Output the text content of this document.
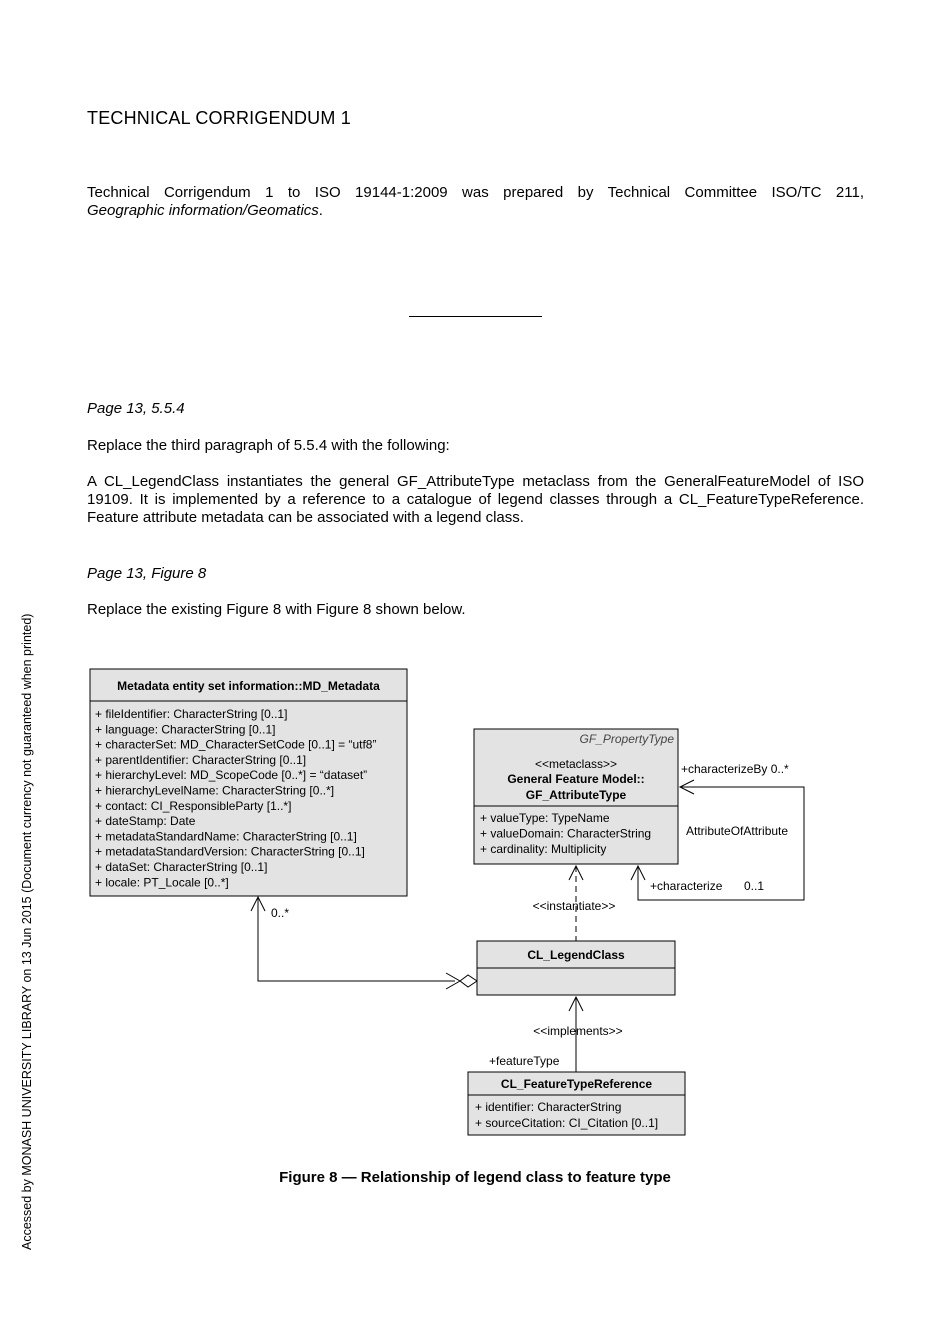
TECHNICAL CORRIGENDUM 1
Technical Corrigendum 1 to ISO 19144-1:2009 was prepared by Technical Committee ISO/TC 211,
Geographic information/Geomatics.
Page 13, 5.5.4
Replace the third paragraph of 5.5.4 with the following:
A CL_LegendClass instantiates the general GF_AttributeType metaclass from the GeneralFeatureModel of ISO 19109. It is implemented by a reference to a catalogue of legend classes through a CL_FeatureTypeReference. Feature attribute metadata can be associated with a legend class.
Page 13, Figure 8
Replace the existing Figure 8 with Figure 8 shown below.
Metadata entity set information::MD_Metadata
+ fileIdentifier: CharacterString [0..1] + language: CharacterString [0..1] + characterSet: MD_CharacterSetCode [0..1] = “utf8” + parentIdentifier: CharacterString [0..1] + hierarchyLevel: MD_ScopeCode [0..*] = “dataset” + hierarchyLevelName: CharacterString [0..*] + contact: CI_ResponsibleParty [1..*] + dateStamp: Date + metadataStandardName: CharacterString [0..1] + metadataStandardVersion: CharacterString [0..1] + dataSet: CharacterString [0..1] + locale: PT_Locale [0..*]
GF_PropertyType
<<metaclass>>
General Feature Model::
GF_AttributeType
+ valueType: TypeName + valueDomain: CharacterString + cardinality: Multiplicity
CL_LegendClass
CL_FeatureTypeReference
+ identifier: CharacterString + sourceCitation: CI_Citation [0..1]
+characterizeBy 0..*
AttributeOfAttribute
+characterize 0..1
<<instantiate>>
0..*
<<implements>>
+featureType
Figure 8 — Relationship of legend class to feature type
Accessed by MONASH UNIVERSITY LIBRARY on 13 Jun 2015 (Document currency not guaranteed when printed)
